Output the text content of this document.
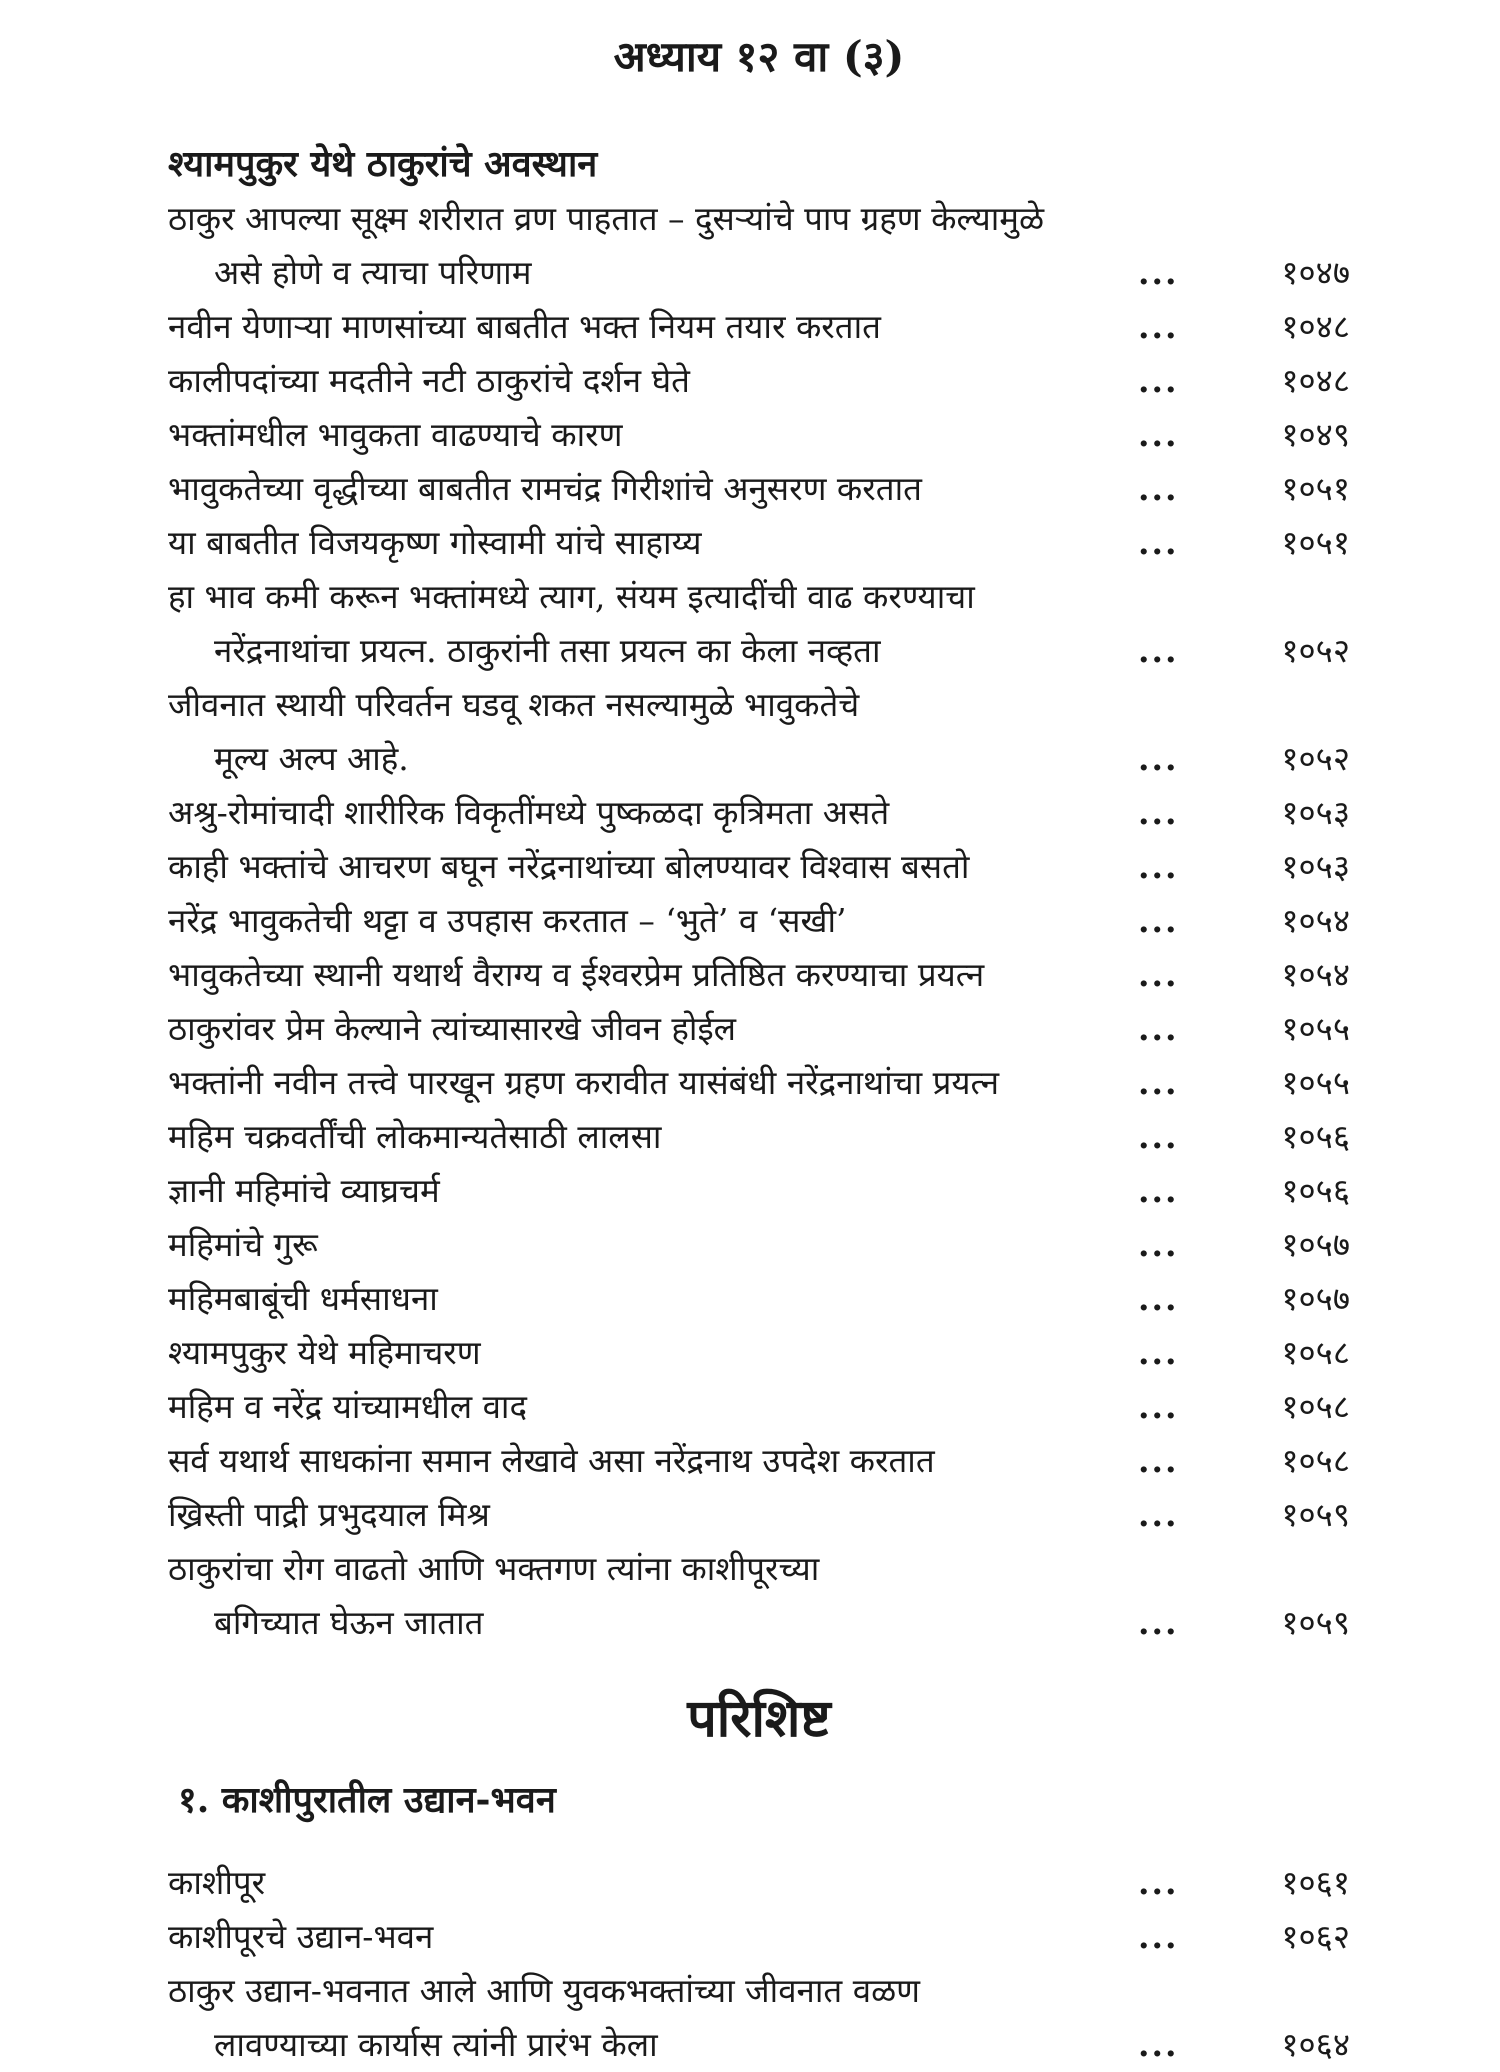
अध्याय १२ वा (३)
श्यामपुकुर येथे ठाकुरांचे अवस्थान
ठाकुर आपल्या सूक्ष्म शरीरात व्रण पाहतात – दुसऱ्यांचे पाप ग्रहण केल्यामुळे
असे होणे व त्याचा परिणाम	...	१०४७
नवीन येणाऱ्या माणसांच्या बाबतीत भक्त नियम तयार करतात	...	१०४८
कालीपदांच्या मदतीने नटी ठाकुरांचे दर्शन घेते	...	१०४८
भक्तांमधील भावुकता वाढण्याचे कारण	...	१०४९
भावुकतेच्या वृद्धीच्या बाबतीत रामचंद्र गिरीशांचे अनुसरण करतात	...	१०५१
या बाबतीत विजयकृष्ण गोस्वामी यांचे साहाय्य	...	१०५१
हा भाव कमी करून भक्तांमध्ये त्याग, संयम इत्यादींची वाढ करण्याचा
नरेंद्रनाथांचा प्रयत्न. ठाकुरांनी तसा प्रयत्न का केला नव्हता	...	१०५२
जीवनात स्थायी परिवर्तन घडवू शकत नसल्यामुळे भावुकतेचे
मूल्य अल्प आहे.	...	१०५२
अश्रु-रोमांचादी शारीरिक विकृतींमध्ये पुष्कळदा कृत्रिमता असते	...	१०५३
काही भक्तांचे आचरण बघून नरेंद्रनाथांच्या बोलण्यावर विश्वास बसतो	...	१०५३
नरेंद्र भावुकतेची थट्टा व उपहास करतात – ‘भुते’ व ‘सखी’	...	१०५४
भावुकतेच्या स्थानी यथार्थ वैराग्य व ईश्वरप्रेम प्रतिष्ठित करण्याचा प्रयत्न	...	१०५४
ठाकुरांवर प्रेम केल्याने त्यांच्यासारखे जीवन होईल	...	१०५५
भक्तांनी नवीन तत्त्वे पारखून ग्रहण करावीत यासंबंधी नरेंद्रनाथांचा प्रयत्न	...	१०५५
महिम चक्रवर्तींची लोकमान्यतेसाठी लालसा	...	१०५६
ज्ञानी महिमांचे व्याघ्रचर्म	...	१०५६
महिमांचे गुरू	...	१०५७
महिमबाबूंची धर्मसाधना	...	१०५७
श्यामपुकुर येथे महिमाचरण	...	१०५८
महिम व नरेंद्र यांच्यामधील वाद	...	१०५८
सर्व यथार्थ साधकांना समान लेखावे असा नरेंद्रनाथ उपदेश करतात	...	१०५८
ख्रिस्ती पाद्री प्रभुदयाल मिश्र	...	१०५९
ठाकुरांचा रोग वाढतो आणि भक्तगण त्यांना काशीपूरच्या
बगिच्यात घेऊन जातात	...	१०५९
परिशिष्ट
१. काशीपुरातील उद्यान-भवन
काशीपूर	...	१०६१
काशीपूरचे उद्यान-भवन	...	१०६२
ठाकुर उद्यान-भवनात आले आणि युवकभक्तांच्या जीवनात वळण
लावण्याच्या कार्यास त्यांनी प्रारंभ केला	...	१०६४
